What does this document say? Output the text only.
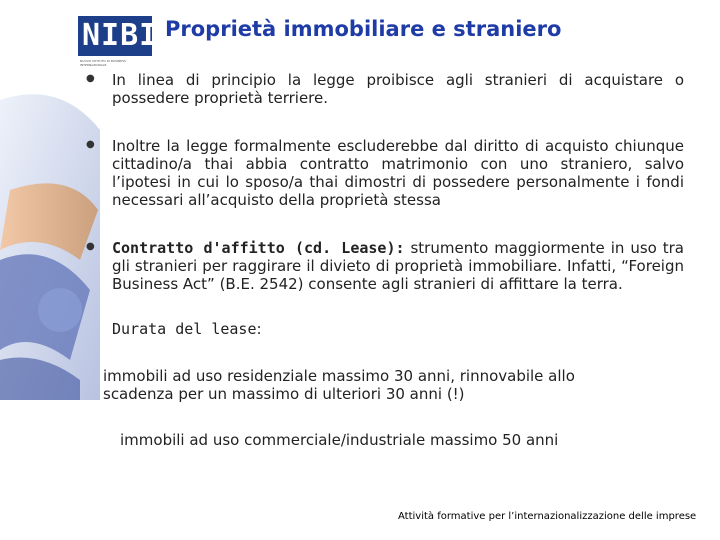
NIBI
NUOVO ISTITUTO DI BUSINESS INTERNAZIONALE
Proprietà immobiliare e straniero
● In linea di principio la legge proibisce agli stranieri di acquistare o possedere proprietà terriere.
● Inoltre la legge formalmente escluderebbe dal diritto di acquisto chiunque cittadino/a thai abbia contratto matrimonio con uno straniero, salvo l’ipotesi in cui lo sposo/a thai dimostri di possedere personalmente i fondi necessari all’acquisto della proprietà stessa
● Contratto d'affitto (cd. Lease): strumento maggiormente in uso tra gli stranieri per raggirare il divieto di proprietà immobiliare. Infatti, “Foreign Business Act” (B.E. 2542) consente agli stranieri di affittare la terra.
Durata del lease:
immobili ad uso residenziale massimo 30 anni, rinnovabile allo scadenza per un massimo di ulteriori 30 anni (!)
immobili ad uso commerciale/industriale massimo 50 anni
Attività formative per l’internazionalizzazione delle imprese
